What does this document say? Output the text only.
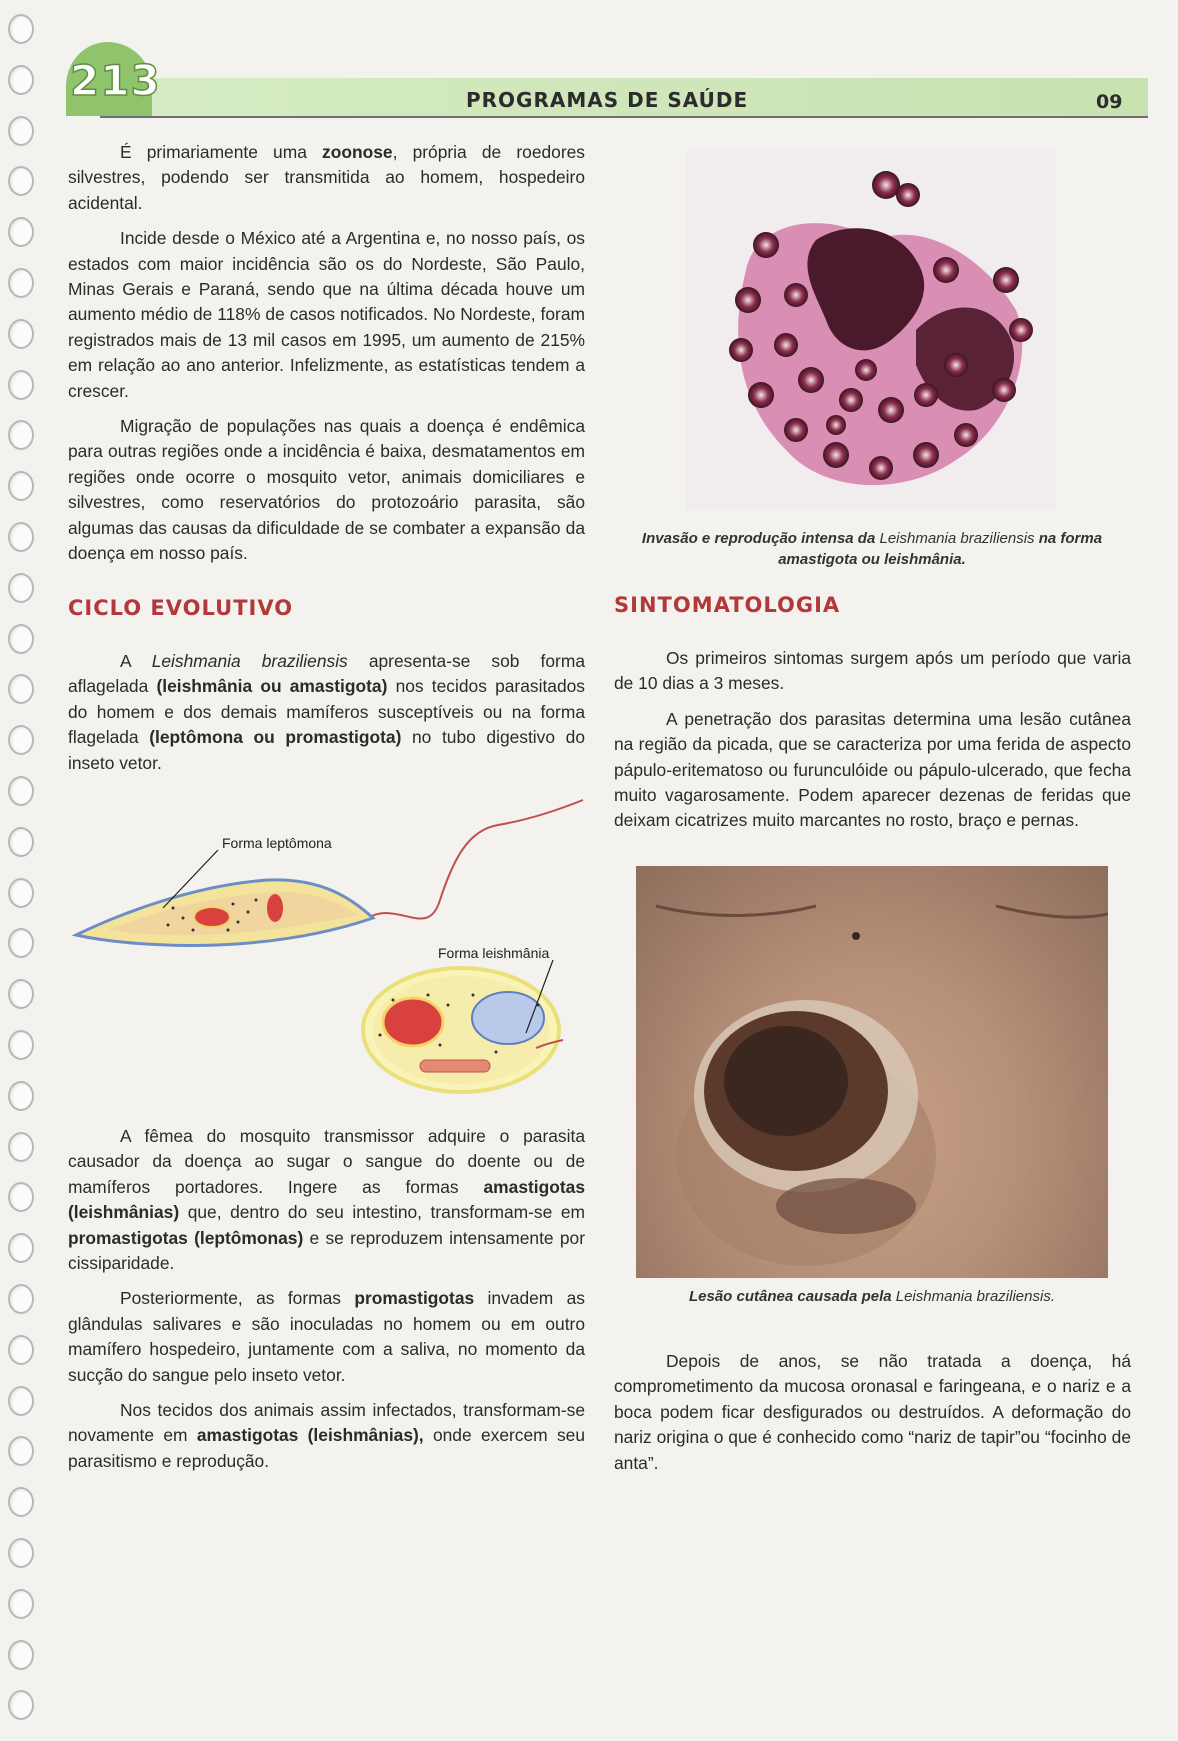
213	PROGRAMAS DE SAÚDE	09

É primariamente uma zoonose, própria de roedores silvestres, podendo ser transmitida ao homem, hospedeiro acidental.

Incide desde o México até a Argentina e, no nosso país, os estados com maior incidência são os do Nordeste, São Paulo, Minas Gerais e Paraná, sendo que na última década houve um aumento médio de 118% de casos notificados. No Nordeste, foram registrados mais de 13 mil casos em 1995, um aumento de 215% em relação ao ano anterior. Infelizmente, as estatísticas tendem a crescer.

Migração de populações nas quais a doença é endêmica para outras regiões onde a incidência é baixa, desmatamentos em regiões onde ocorre o mosquito vetor, animais domiciliares e silvestres, como reservatórios do protozoário parasita, são algumas das causas da dificuldade de se combater a expansão da doença em nosso país.

CICLO EVOLUTIVO

A Leishmania braziliensis apresenta-se sob forma aflagelada (leishmânia ou amastigota) nos tecidos parasitados do homem e dos demais mamíferos susceptíveis ou na forma flagelada (leptômona ou promastigota) no tubo digestivo do inseto vetor.

Forma leptômona
Forma leishmânia

A fêmea do mosquito transmissor adquire o parasita causador da doença ao sugar o sangue do doente ou de mamíferos portadores. Ingere as formas amastigotas (leishmânias) que, dentro do seu intestino, transformam-se em promastigotas (leptômonas) e se reproduzem intensamente por cissiparidade.

Posteriormente, as formas promastigotas invadem as glândulas salivares e são inoculadas no homem ou em outro mamífero hospedeiro, juntamente com a saliva, no momento da sucção do sangue pelo inseto vetor.

Nos tecidos dos animais assim infectados, transformam-se novamente em amastigotas (leishmânias), onde exercem seu parasitismo e reprodução.

Invasão e reprodução intensa da Leishmania braziliensis na forma amastigota ou leishmânia.
SINTOMATOLOGIA

Os primeiros sintomas surgem após um período que varia de 10 dias a 3 meses.

A penetração dos parasitas determina uma lesão cutânea na região da picada, que se caracteriza por uma ferida de aspecto pápulo-eritematoso ou furunculóide ou pápulo-ulcerado, que fecha muito vagarosamente. Podem aparecer dezenas de feridas que deixam cicatrizes muito marcantes no rosto, braço e pernas.

Lesão cutânea causada pela Leishmania braziliensis.

Depois de anos, se não tratada a doença, há comprometimento da mucosa oronasal e faringeana, e o nariz e a boca podem ficar desfigurados ou destruídos. A deformação do nariz origina o que é conhecido como “nariz de tapir”ou “focinho de anta”.
